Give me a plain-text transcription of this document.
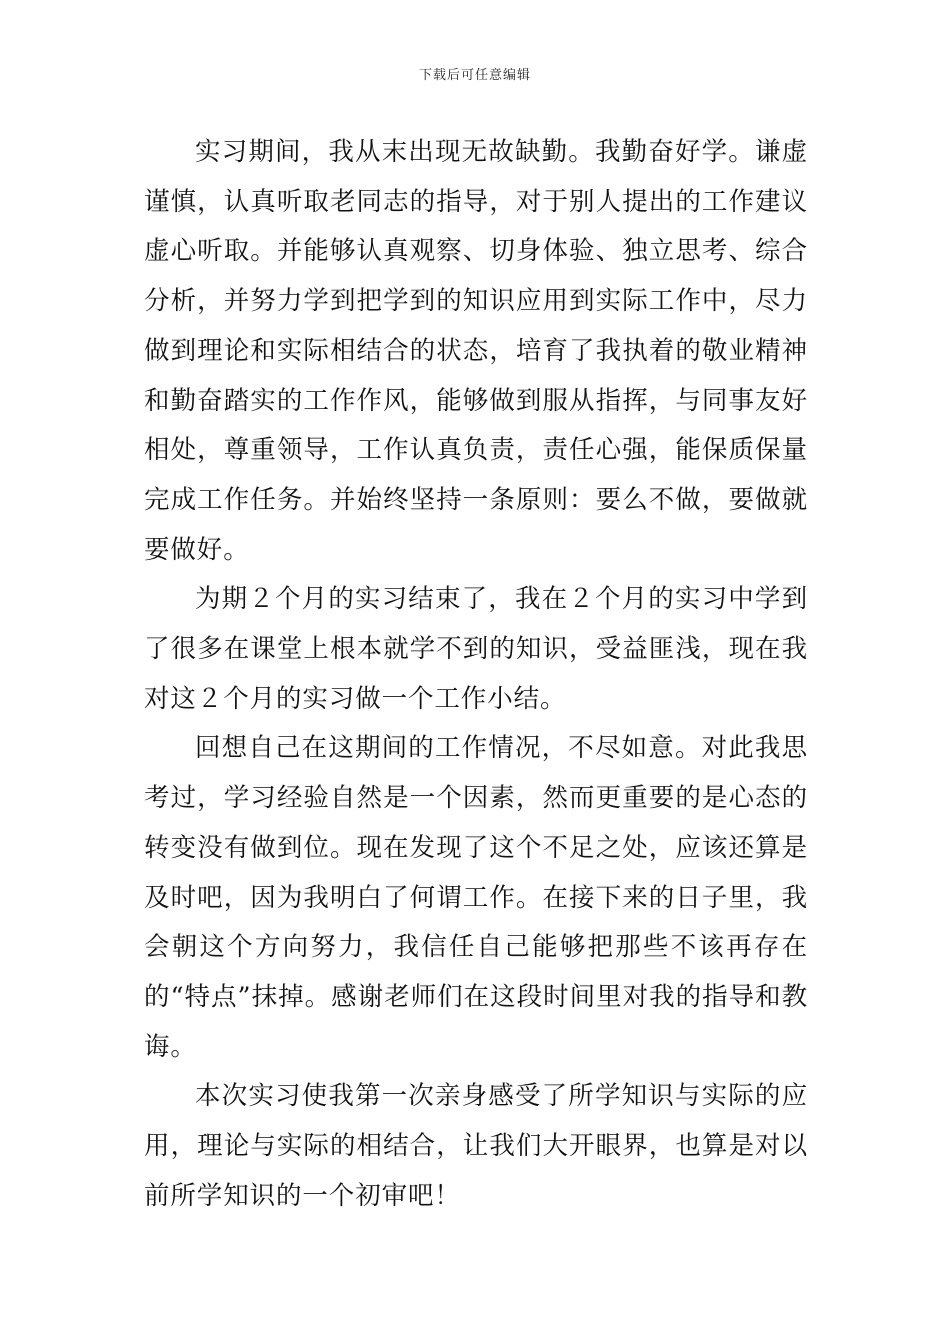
下载后可任意编辑

实习期间，我从末出现无故缺勤。我勤奋好学。谦虚谨慎，认真听取老同志的指导，对于别人提出的工作建议虚心听取。并能够认真观察、切身体验、独立思考、综合分析，并努力学到把学到的知识应用到实际工作中，尽力做到理论和实际相结合的状态，培育了我执着的敬业精神和勤奋踏实的工作作风，能够做到服从指挥，与同事友好相处，尊重领导，工作认真负责，责任心强，能保质保量完成工作任务。并始终坚持一条原则：要么不做，要做就要做好。

为期２个月的实习结束了，我在２个月的实习中学到了很多在课堂上根本就学不到的知识，受益匪浅，现在我对这２个月的实习做一个工作小结。

回想自己在这期间的工作情况，不尽如意。对此我思考过，学习经验自然是一个因素，然而更重要的是心态的转变没有做到位。现在发现了这个不足之处，应该还算是及时吧，因为我明白了何谓工作。在接下来的日子里，我会朝这个方向努力，我信任自己能够把那些不该再存在的“特点”抹掉。感谢老师们在这段时间里对我的指导和教诲。

本次实习使我第一次亲身感受了所学知识与实际的应用，理论与实际的相结合，让我们大开眼界，也算是对以前所学知识的一个初审吧！
